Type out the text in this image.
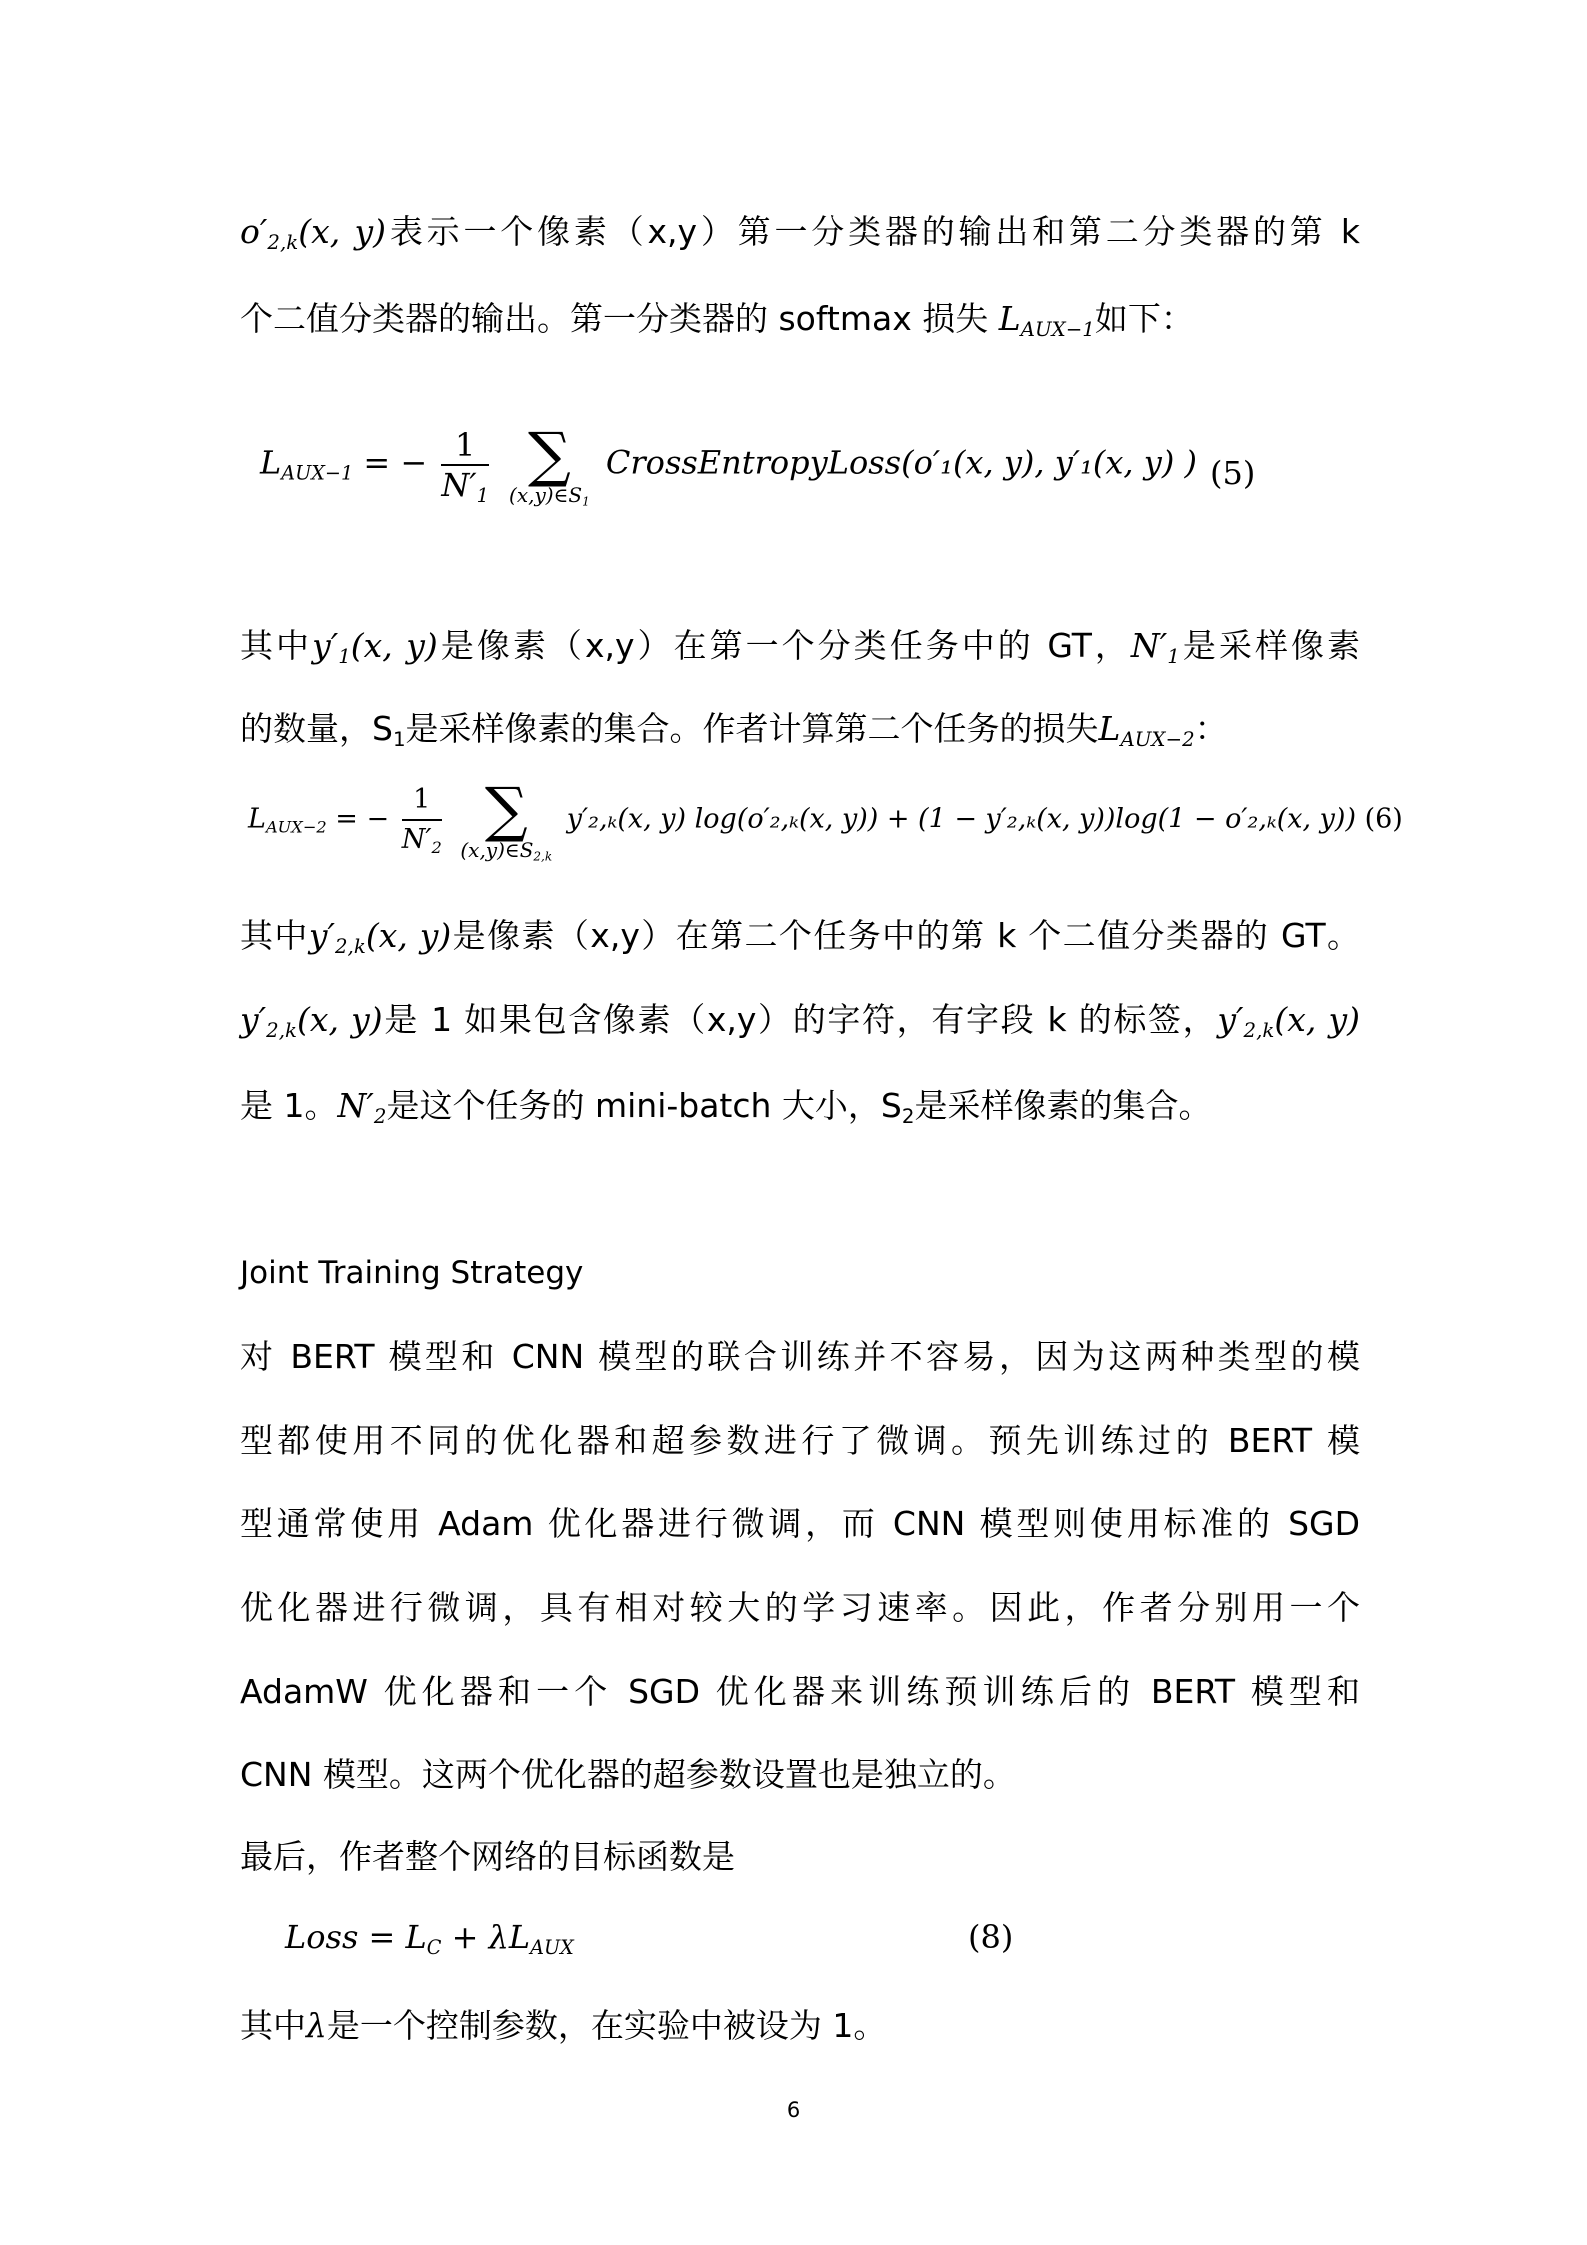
$o'_{2,k}(x$, y)表示一个像素（x,y）第一分类器的输出和第二分类器的第 k
个二值分类器的输出。第一分类器的 softmax 损失 $L_{AUX-1}$如下：
$L_{AUX-1}$ = − $\frac{1}{N'_1}$
∑
$(x,y)\in S_1$
CrossEntropyLoss(o′₁(x, y), y′₁(x, y) ) (5)
其中$y'_1(x$, y)是像素（x,y）在第一个分类任务中的 GT，$N'_1$是采样像素
的数量，$S_1$是采样像素的集合。作者计算第二个任务的损失$L_{AUX-2}$：
$L_{AUX-2}$ = − $\frac{1}{N'_2}$
∑
$(x,y)\in S_{2,k}$
y′₂,ₖ(x, y) log(o′₂,ₖ(x, y)) + (1 − y′₂,ₖ(x, y))log(1 − o′₂,ₖ(x, y)) (6)
其中$y'_{2,k}(x$, y)是像素（x,y）在第二个任务中的第 k 个二值分类器的 GT。
$y'_{2,k}(x$, y)是 1 如果包含像素（x,y）的字符，有字段 k 的标签，$y'_{2,k}(x$, y)
是 1。$N'_2$是这个任务的 mini-batch 大小，$S_2$是采样像素的集合。
Joint Training Strategy
对 BERT 模型和 CNN 模型的联合训练并不容易，因为这两种类型的模
型都使用不同的优化器和超参数进行了微调。预先训练过的 BERT 模
型通常使用 Adam 优化器进行微调，而 CNN 模型则使用标准的 SGD
优化器进行微调，具有相对较大的学习速率。因此，作者分别用一个
AdamW 优化器和一个 SGD 优化器来训练预训练后的 BERT 模型和
CNN 模型。这两个优化器的超参数设置也是独立的。
最后，作者整个网络的目标函数是
Loss = $L_C + \lambda L_{AUX}$	(8)
其中λ是一个控制参数，在实验中被设为 1。
6
